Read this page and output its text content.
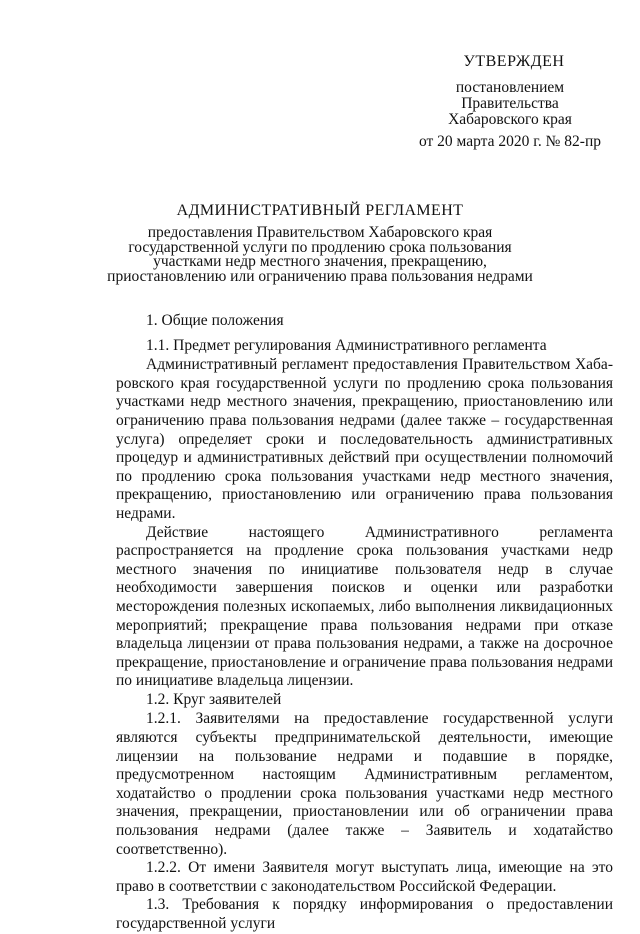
УТВЕРЖДЕН
постановлением
Правительства
Хабаровского края
от 20 марта 2020 г. № 82-пр
АДМИНИСТРАТИВНЫЙ РЕГЛАМЕНТ
предоставления Правительством Хабаровского края государственной услуги по продлению срока пользования участками недр местного значения, прекращению, приостановлению или ограничению права пользования недрами

1. Общие положения

1.1. Предмет регулирования Административного регламента

Административный регламент предоставления Правительством Хабаровского края государственной услуги по продлению срока пользования участками недр местного значения, прекращению, приостановлению или ограничению права пользования недрами (далее также – государственная услуга) определяет сроки и последовательность административных процедур и административных действий при осуществлении полномочий по продлению срока пользования участками недр местного значения, прекращению, приостановлению или ограничению права пользования недрами.

Действие настоящего Административного регламента распространяется на продление срока пользования участками недр местного значения по инициативе пользователя недр в случае необходимости завершения поисков и оценки или разработки месторождения полезных ископаемых, либо выполнения ликвидационных мероприятий; прекращение права пользования недрами при отказе владельца лицензии от права пользования недрами, а также на досрочное прекращение, приостановление и ограничение права пользования недрами по инициативе владельца лицензии.

1.2. Круг заявителей

1.2.1. Заявителями на предоставление государственной услуги являются субъекты предпринимательской деятельности, имеющие лицензии на пользование недрами и подавшие в порядке, предусмотренном настоящим Административным регламентом, ходатайство о продлении срока пользования участками недр местного значения, прекращении, приостановлении или об ограничении права пользования недрами (далее также – Заявитель и ходатайство соответственно).

1.2.2. От имени Заявителя могут выступать лица, имеющие на это право в соответствии с законодательством Российской Федерации.

1.3. Требования к порядку информирования о предоставлении государственной услуги
